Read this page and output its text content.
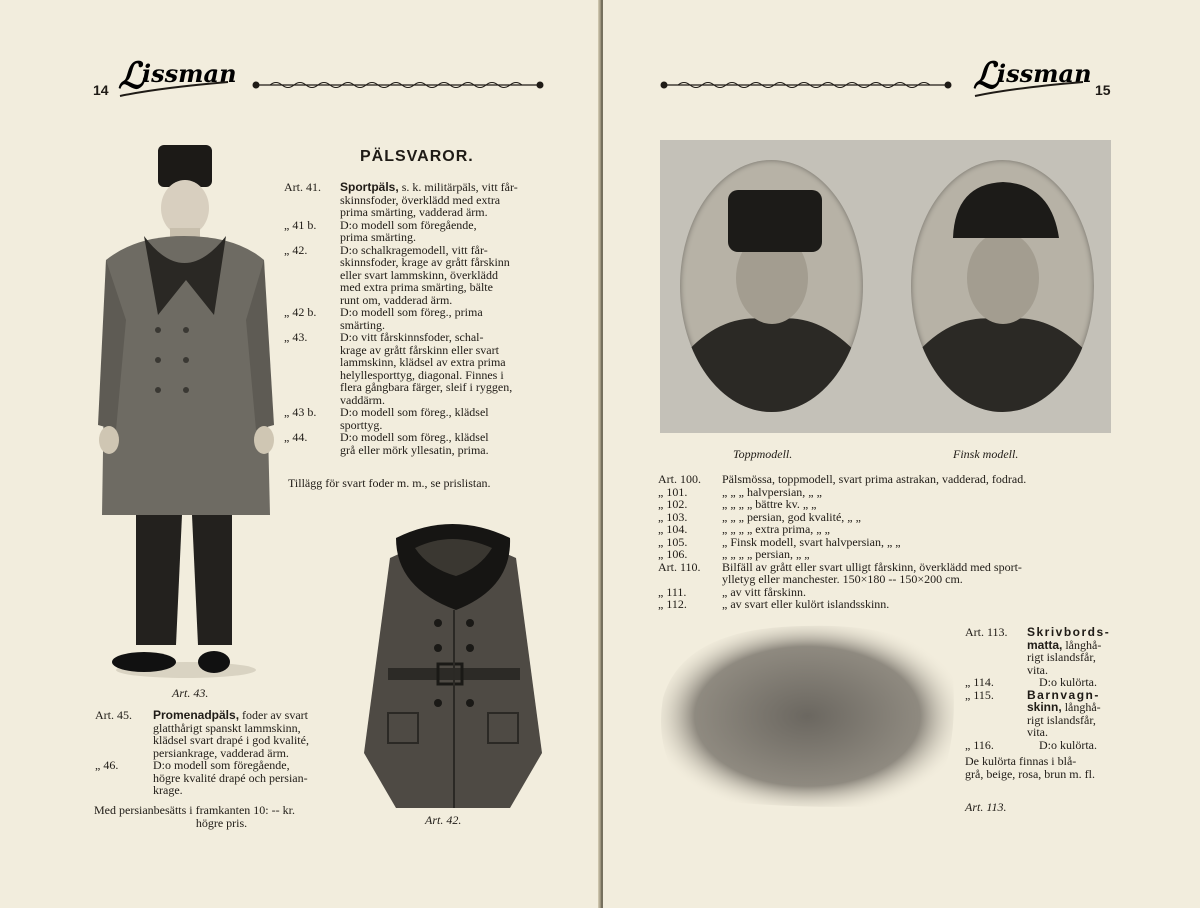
14 ℒ
issman
PÄLSVAROR.
Art. 41. Sportpäls, s. k. militärpäls, vitt får-
skinnsfoder, överklädd med extra
prima smärting, vadderad ärm.
„ 41 b. D:o modell som föregående,
prima smärting.
„ 42.	D:o schalkragemodell, vitt får-
skinnsfoder, krage av grått fårskinn
eller svart lammskinn, överklädd
med extra prima smärting, bälte
runt om, vadderad ärm.
„ 42 b. D:o modell som föreg., prima
smärting.
„ 43.	D:o vitt fårskinnsfoder, schal-
krage av grått fårskinn eller svart
lammskinn, klädsel av extra prima
helyllesporttyg, diagonal. Finnes i
flera gångbara färger, sleif i ryggen,
vaddärm.
„ 43 b. D:o modell som föreg., klädsel
sporttyg.
„ 44.	D:o modell som föreg., klädsel
grå eller mörk yllesatin, prima.
Tillägg för svart foder m. m., se prislistan.
Art. 43.
Art. 42.
Art. 45. Promenadpäls, foder av svart
glatthårigt spanskt lammskinn,
klädsel svart drapé i god kvalité,
persiankrage, vadderad ärm.
„ 46.	D:o modell som föregående,
högre kvalité drapé och persian-
krage.
Med persianbesätts i framkanten 10: -- kr.
högre pris.
ℒ
issman
15
Toppmodell.	Finsk modell.
Art. 100. Pälsmössa, toppmodell, svart prima astrakan, vadderad, fodrad.
„ 101.	„ „ „ halvpersian, „ „
„ 102.	„ „ „ „ bättre kv. „ „
„ 103.	„ „ „ persian, god kvalité, „ „
„ 104.	„ „ „ „ extra prima, „ „
„ 105.	„ Finsk modell, svart halvpersian, „ „
„ 106.	„ „ „ „ persian, „ „
Art. 110. Bilfäll av grått eller svart ulligt fårskinn, överklädd med sport-
ylletyg eller manchester. 150×180 -- 150×200 cm.
„ 111.	„ av vitt fårskinn.
„ 112.	„ av svart eller kulört islandsskinn.
Art. 113.
Art. 113. Skrivbords-
matta, långhå-
rigt islandsfår,
vita.
„ 114.	D:o kulörta.
„ 115.	Barnvagn-
skinn, långhå-
rigt islandsfår,
vita.
„ 116.	D:o kulörta.
De kulörta finnas i blå-
grå, beige, rosa, brun m. fl.
